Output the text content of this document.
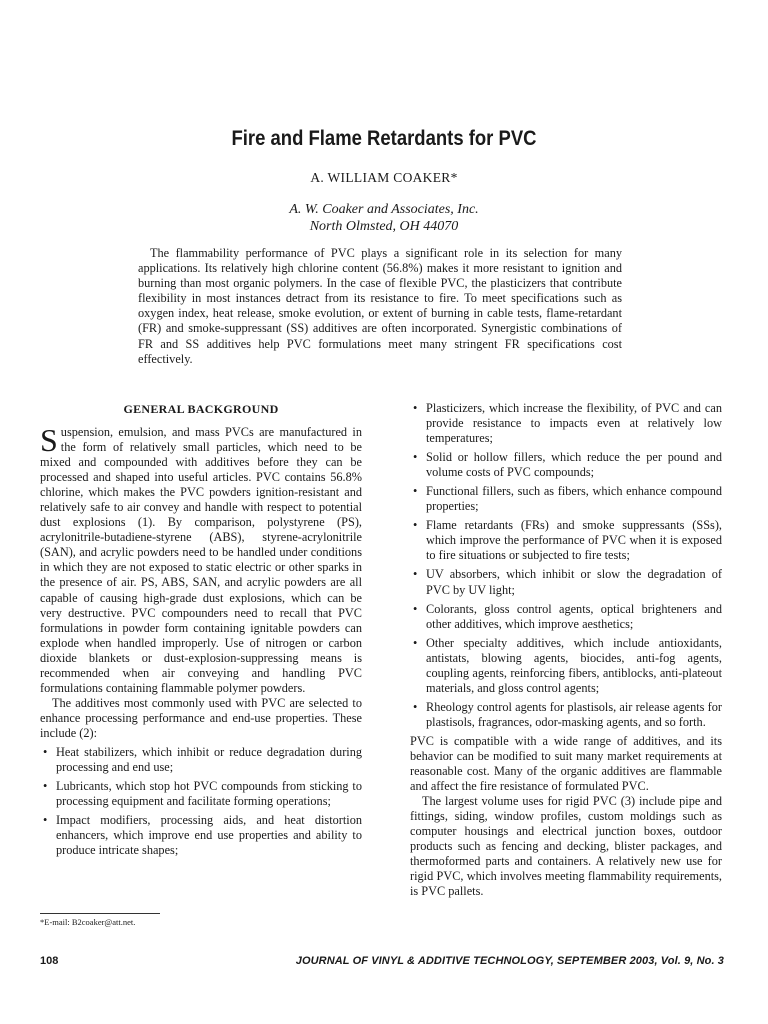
Fire and Flame Retardants for PVC
A. WILLIAM COAKER*
A. W. Coaker and Associates, Inc.
North Olmsted, OH 44070

The flammability performance of PVC plays a significant role in its selection for many applications. Its relatively high chlorine content (56.8%) makes it more resistant to ignition and burning than most organic polymers. In the case of flexible PVC, the plasticizers that contribute flexibility in most instances detract from its resistance to fire. To meet specifications such as oxygen index, heat release, smoke evolution, or extent of burning in cable tests, flame-retardant (FR) and smoke-suppressant (SS) additives are often incorporated. Synergistic combinations of FR and SS additives help PVC formulations meet many stringent FR specifications cost effectively.

GENERAL BACKGROUND

Suspension, emulsion, and mass PVCs are manufactured in the form of relatively small particles, which need to be mixed and compounded with additives before they can be processed and shaped into useful articles. PVC contains 56.8% chlorine, which makes the PVC powders ignition-resistant and relatively safe to air convey and handle with respect to potential dust explosions (1). By comparison, polystyrene (PS), acrylonitrile-butadiene-styrene (ABS), styrene-acrylonitrile (SAN), and acrylic powders need to be handled under conditions in which they are not exposed to static electric or other sparks in the presence of air. PS, ABS, SAN, and acrylic powders are all capable of causing high-grade dust explosions, which can be very destructive. PVC compounders need to recall that PVC formulations in powder form containing ignitable powders can explode when handled improperly. Use of nitrogen or carbon dioxide blankets or dust-explosion-suppressing means is recommended when air conveying and handling PVC formulations containing flammable polymer powders.

The additives most commonly used with PVC are selected to enhance processing performance and end-use properties. These include (2):

• Heat stabilizers, which inhibit or reduce degradation during processing and end use;
• Lubricants, which stop hot PVC compounds from sticking to processing equipment and facilitate forming operations;
• Impact modifiers, processing aids, and heat distortion enhancers, which improve end use properties and ability to produce intricate shapes;
• Plasticizers, which increase the flexibility, of PVC and can provide resistance to impacts even at relatively low temperatures;
• Solid or hollow fillers, which reduce the per pound and volume costs of PVC compounds;
• Functional fillers, such as fibers, which enhance compound properties;
• Flame retardants (FRs) and smoke suppressants (SSs), which improve the performance of PVC when it is exposed to fire situations or subjected to fire tests;
• UV absorbers, which inhibit or slow the degradation of PVC by UV light;
• Colorants, gloss control agents, optical brighteners and other additives, which improve aesthetics;
• Other specialty additives, which include antioxidants, antistats, blowing agents, biocides, anti-fog agents, coupling agents, reinforcing fibers, antiblocks, anti-plateout materials, and gloss control agents;
• Rheology control agents for plastisols, air release agents for plastisols, fragrances, odor-masking agents, and so forth.

PVC is compatible with a wide range of additives, and its behavior can be modified to suit many market requirements at reasonable cost. Many of the organic additives are flammable and affect the fire resistance of formulated PVC.

The largest volume uses for rigid PVC (3) include pipe and fittings, siding, window profiles, custom moldings such as computer housings and electrical junction boxes, outdoor products such as fencing and decking, blister packages, and thermoformed parts and containers. A relatively new use for rigid PVC, which involves meeting flammability requirements, is PVC pallets.

*E-mail: B2coaker@att.net.
108	JOURNAL OF VINYL & ADDITIVE TECHNOLOGY, SEPTEMBER 2003, Vol. 9, No. 3
